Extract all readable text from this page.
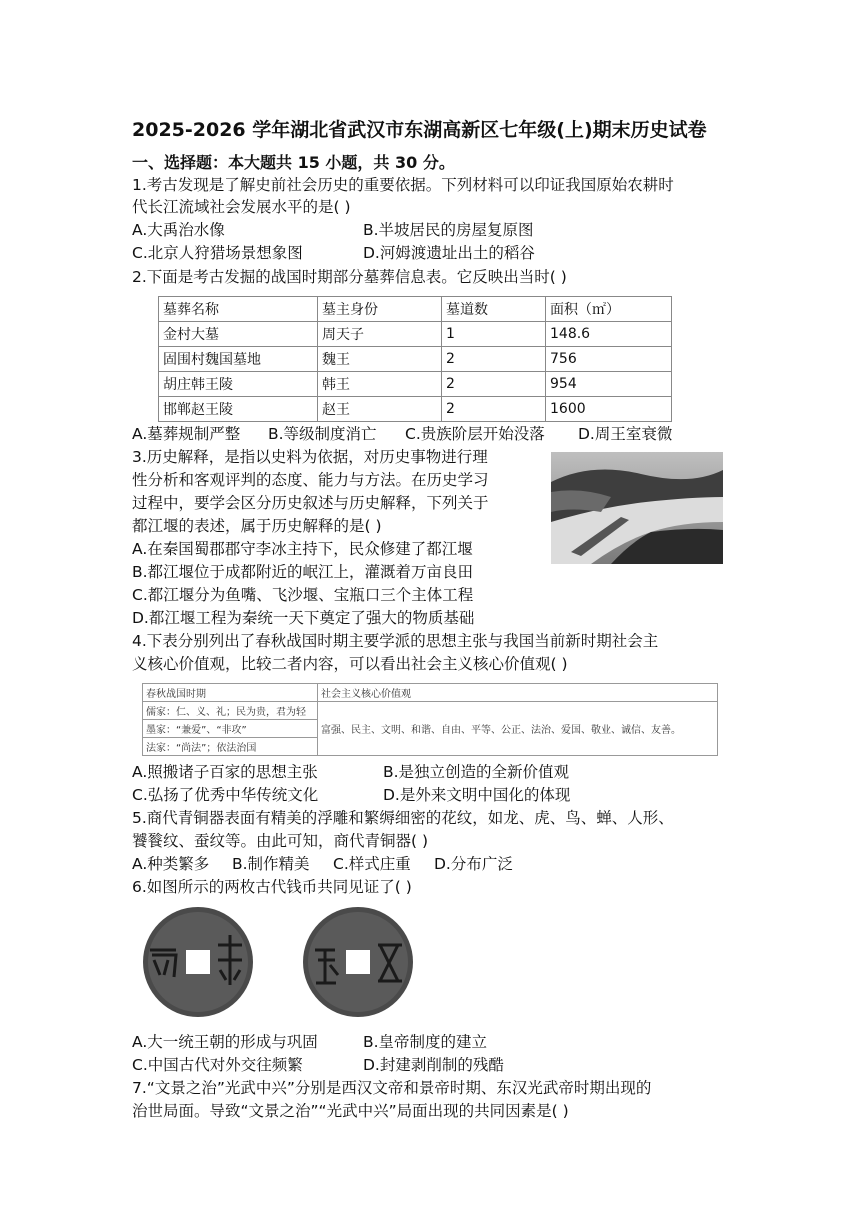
2025-2026 学年湖北省武汉市东湖高新区七年级(上)期末历史试卷
一、选择题：本大题共 15 小题，共 30 分。
1.考古发现是了解史前社会历史的重要依据。下列材料可以印证我国原始农耕时
代长江流域社会发展水平的是( )
A.大禹治水像	B.半坡居民的房屋复原图
C.北京人狩猎场景想象图	D.河姆渡遗址出土的稻谷
2.下面是考古发掘的战国时期部分墓葬信息表。它反映出当时( )
墓葬名称	墓主身份	墓道数	面积（㎡）
金村大墓	周天子	1	148.6
固围村魏国墓地	魏王	2	756
胡庄韩王陵	韩王	2	954
邯郸赵王陵	赵王	2	1600
A.墓葬规制严整 B.等级制度消亡 C.贵族阶层开始没落 D.周王室衰微
3.历史解释，是指以史料为依据，对历史事物进行理
性分析和客观评判的态度、能力与方法。在历史学习
过程中，要学会区分历史叙述与历史解释，下列关于
都江堰的表述，属于历史解释的是( )
A.在秦国蜀郡郡守李冰主持下，民众修建了都江堰
B.都江堰位于成都附近的岷江上，灌溉着万亩良田
C.都江堰分为鱼嘴、飞沙堰、宝瓶口三个主体工程
D.都江堰工程为秦统一天下奠定了强大的物质基础
4.下表分别列出了春秋战国时期主要学派的思想主张与我国当前新时期社会主
义核心价值观，比较二者内容，可以看出社会主义核心价值观( )
春秋战国时期	社会主义核心价值观
儒家：仁、义、礼；民为贵，君为轻	富强、民主、文明、和谐、自由、平等、公正、法治、爱国、敬业、诚信、友善。
墨家：“兼爱”、“非攻”	
法家：“尚法”；依法治国	
A.照搬诸子百家的思想主张	B.是独立创造的全新价值观
C.弘扬了优秀中华传统文化	D.是外来文明中国化的体现
5.商代青铜器表面有精美的浮雕和繁缛细密的花纹，如龙、虎、鸟、蝉、人形、
饕餮纹、蚕纹等。由此可知，商代青铜器( )
A.种类繁多 B.制作精美 C.样式庄重 D.分布广泛
6.如图所示的两枚古代钱币共同见证了( )
A.大一统王朝的形成与巩固	B.皇帝制度的建立
C.中国古代对外交往频繁	D.封建剥削制的残酷
7.“文景之治”光武中兴”分别是西汉文帝和景帝时期、东汉光武帝时期出现的
治世局面。导致“文景之治”“光武中兴”局面出现的共同因素是( )
